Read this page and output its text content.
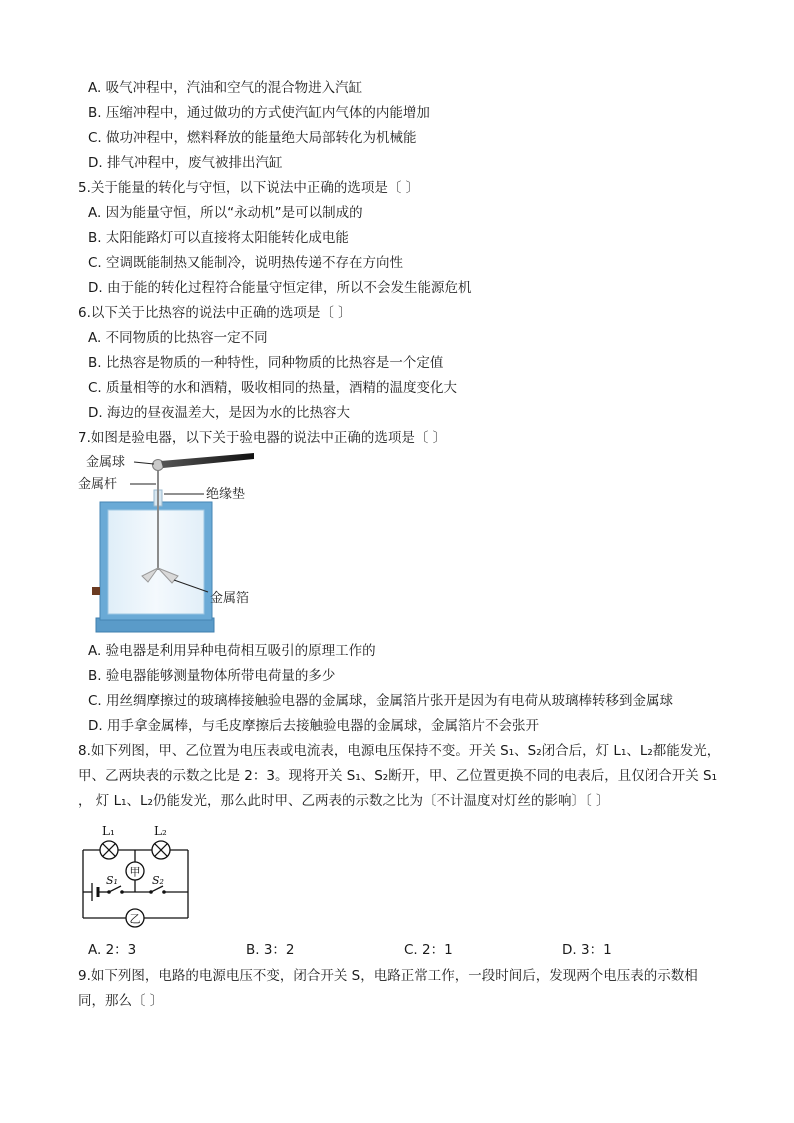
A. 吸气冲程中，汽油和空气的混合物进入汽缸
B. 压缩冲程中，通过做功的方式使汽缸内气体的内能增加
C. 做功冲程中，燃料释放的能量绝大局部转化为机械能
D. 排气冲程中，废气被排出汽缸
5.关于能量的转化与守恒，以下说法中正确的选项是〔 〕
A. 因为能量守恒，所以“永动机”是可以制成的
B. 太阳能路灯可以直接将太阳能转化成电能
C. 空调既能制热又能制冷，说明热传递不存在方向性
D. 由于能的转化过程符合能量守恒定律，所以不会发生能源危机
6.以下关于比热容的说法中正确的选项是〔 〕
A. 不同物质的比热容一定不同
B. 比热容是物质的一种特性，同种物质的比热容是一个定值
C. 质量相等的水和酒精，吸收相同的热量，酒精的温度变化大
D. 海边的昼夜温差大，是因为水的比热容大
7.如图是验电器，以下关于验电器的说法中正确的选项是〔 〕
金属球
金属杆
绝缘垫
金属箔
A. 验电器是利用异种电荷相互吸引的原理工作的
B. 验电器能够测量物体所带电荷量的多少
C. 用丝绸摩擦过的玻璃棒接触验电器的金属球，金属箔片张开是因为有电荷从玻璃棒转移到金属球
D. 用手拿金属棒，与毛皮摩擦后去接触验电器的金属球，金属箔片不会张开
8.如下列图，甲、乙位置为电压表或电流表，电源电压保持不变。开关 S₁、S₂闭合后，灯 L₁、L₂都能发光，
甲、乙两块表的示数之比是 2：3。现将开关 S₁、S₂断开，甲、乙位置更换不同的电表后，且仅闭合开关 S₁
， 灯 L₁、L₂仍能发光，那么此时甲、乙两表的示数之比为〔不计温度对灯丝的影响〕〔 〕
甲
乙
L₁	L₂
S₁	S₂
A. 2：3	B. 3：2	C. 2：1	D. 3：1
9.如下列图，电路的电源电压不变，闭合开关 S，电路正常工作，一段时间后，发现两个电压表的示数相
同，那么〔 〕
